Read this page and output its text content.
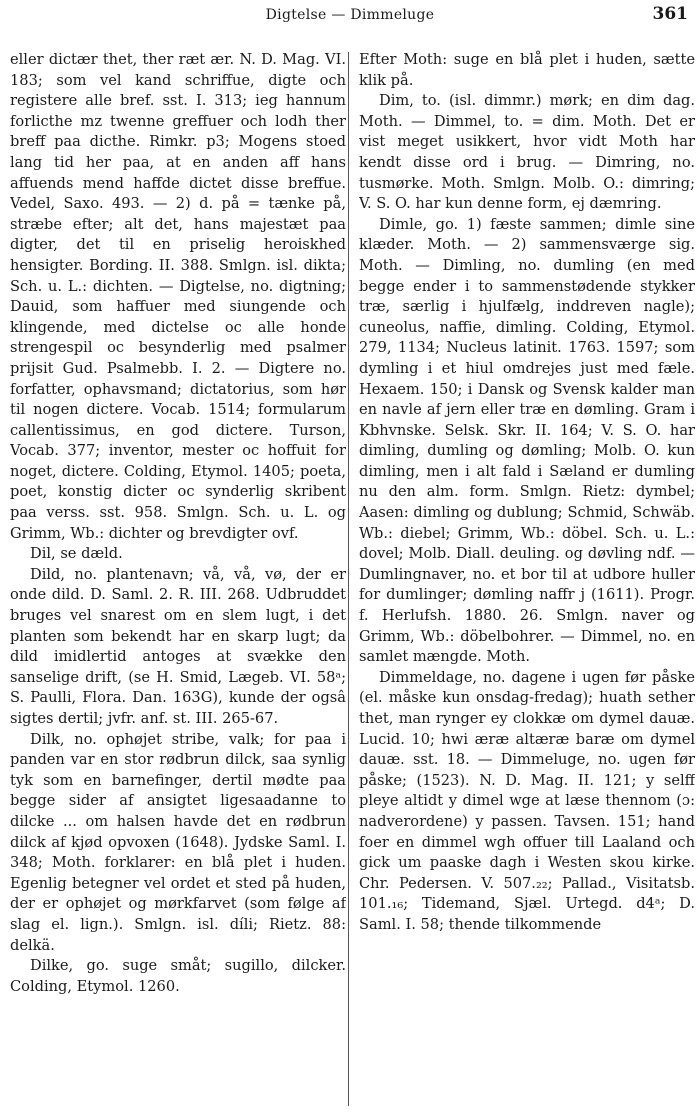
Digtelse — Dimmeluge	361

eller dictær thet, ther ræt ær. N. D. Mag. VI. 183; som vel kand schriffue, digte och registere alle bref. sst. I. 313; ieg hannum forlicthe mz twenne greffuer och lodh ther breff paa dicthe. Rimkr. p3; Mogens stoed lang tid her paa, at en anden aff hans affuends mend haffde dictet disse breffue. Vedel, Saxo. 493. — 2) d. på = tænke på, stræbe efter; alt det, hans majestæt paa digter, det til en priselig heroiskhed hensigter. Bording. II. 388. Smlgn. isl. dikta; Sch. u. L.: dichten. — Digtelse, no. digtning; Dauid, som haffuer med siungende och klingende, med dictelse oc alle honde strengespil oc besynderlig med psalmer prijsit Gud. Psalmebb. I. 2. — Digtere no. forfatter, ophavsmand; dictatorius, som hør til nogen dictere. Vocab. 1514; formularum callentissimus, en god dictere. Turson, Vocab. 377; inventor, mester oc hoffuit for noget, dictere. Colding, Etymol. 1405; poeta, poet, konstig dicter oc synderlig skribent paa verss. sst. 958. Smlgn. Sch. u. L. og Grimm, Wb.: dichter og brevdigter ovf.

Dil, se dæld.

Dild, no. plantenavn; vå, vå, vø, der er onde dild. D. Saml. 2. R. III. 268. Udbruddet bruges vel snarest om en slem lugt, i det planten som bekendt har en skarp lugt; da dild imidlertid antoges at svække den sanselige drift, (se H. Smid, Lægeb. VI. 58ᵃ; S. Paulli, Flora. Dan. 163G), kunde der ogsâ sigtes dertil; jvfr. anf. st. III. 265-67.

Dilk, no. ophøjet stribe, valk; for paa i panden var en stor rødbrun dilck, saa synlig tyk som en barnefinger, dertil mødte paa begge sider af ansigtet ligesaadanne to dilcke ... om halsen havde det en rødbrun dilck af kjød opvoxen (1648). Jydske Saml. I. 348; Moth. forklarer: en blå plet i huden. Egenlig betegner vel ordet et sted på huden, der er ophøjet og mørkfarvet (som følge af slag el. lign.). Smlgn. isl. díli; Rietz. 88: delkä.

Dilke, go. suge småt; sugillo, dilcker. Colding, Etymol. 1260.

Efter Moth: suge en blå plet i huden, sætte klik på.

Dim, to. (isl. dimmr.) mørk; en dim dag. Moth. — Dimmel, to. = dim. Moth. Det er vist meget usikkert, hvor vidt Moth har kendt disse ord i brug. — Dimring, no. tusmørke. Moth. Smlgn. Molb. O.: dimring; V. S. O. har kun denne form, ej dæmring.

Dimle, go. 1) fæste sammen; dimle sine klæder. Moth. — 2) sammensværge sig. Moth. — Dimling, no. dumling (en med begge ender i to sammenstødende stykker træ, særlig i hjulfælg, inddreven nagle); cuneolus, naffie, dimling. Colding, Etymol. 279, 1134; Nucleus latinit. 1763. 1597; som dymling i et hiul omdrejes just med fæle. Hexaem. 150; i Dansk og Svensk kalder man en navle af jern eller træ en dømling. Gram i Kbhvnske. Selsk. Skr. II. 164; V. S. O. har dimling, dumling og dømling; Molb. O. kun dimling, men i alt fald i Sæland er dumling nu den alm. form. Smlgn. Rietz: dymbel; Aasen: dimling og dublung; Schmid, Schwäb. Wb.: diebel; Grimm, Wb.: döbel. Sch. u. L.: dovel; Molb. Diall. deuling. og døvling ndf. — Dumlingnaver, no. et bor til at udbore huller for dumlinger; dømling naffr j (1611). Progr. f. Herlufsh. 1880. 26. Smlgn. naver og Grimm, Wb.: döbelbohrer. — Dimmel, no. en samlet mængde. Moth.

Dimmeldage, no. dagene i ugen før påske (el. måske kun onsdag-fredag); huath sether thet, man rynger ey clokkæ om dymel dauæ. Lucid. 10; hwi æræ altæræ baræ om dymel dauæ. sst. 18. — Dimmeluge, no. ugen før påske; (1523). N. D. Mag. II. 121; y selff pleye altidt y dimel wge at læse thennom (ɔ: nadverordene) y passen. Tavsen. 151; hand foer en dimmel wgh offuer till Laaland och gick um paaske dagh i Westen skou kirke. Chr. Pedersen. V. 507.₂₂; Pallad., Visitatsb. 101.₁₆; Tidemand, Sjæl. Urtegd. d4ᵃ; D. Saml. I. 58; thende tilkommende
